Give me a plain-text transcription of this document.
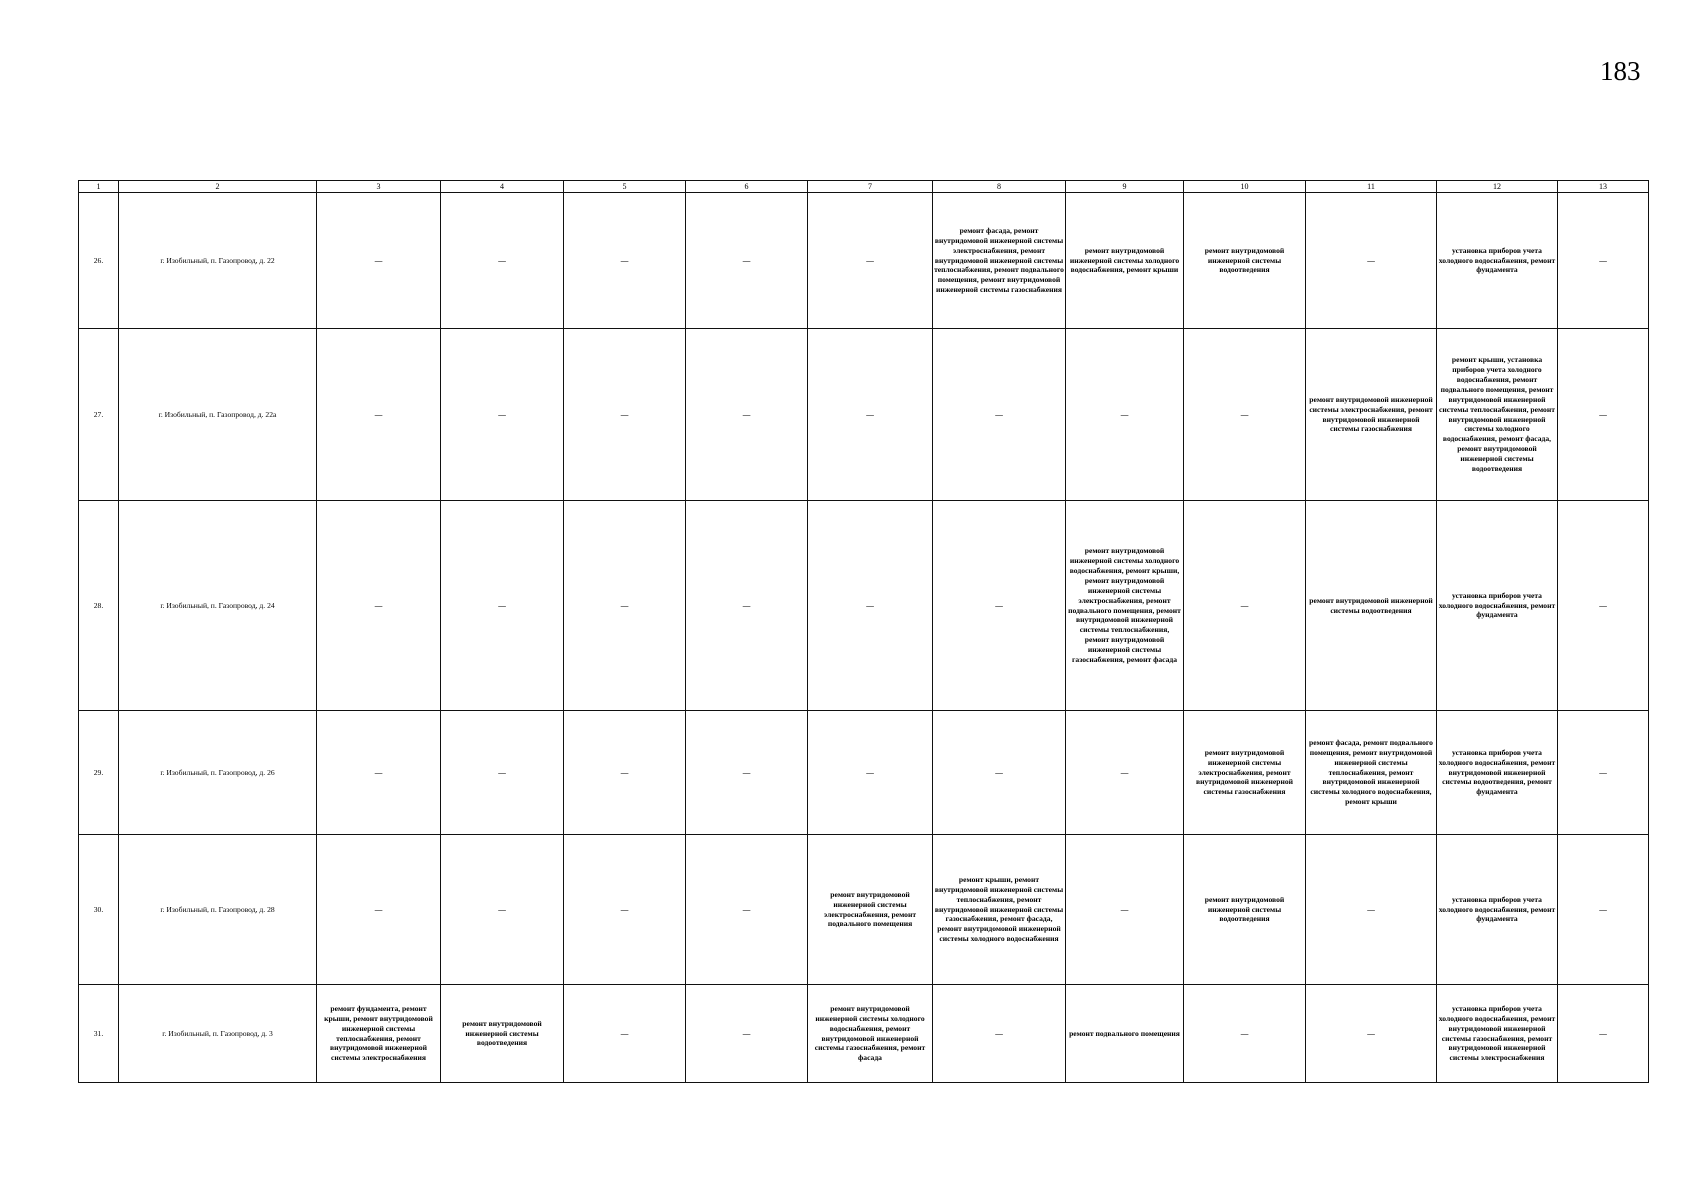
183
1	2	3	4	5	6	7	8	9	10	11	12	13
26.	г. Изобильный, п. Газопровод, д. 22	—	—	—	—	—	ремонт фасада, ремонт внутридомовой инженерной системы электроснабжения, ремонт внутридомовой инженерной системы теплоснабжения, ремонт подвального помещения, ремонт внутридомовой инженерной системы газоснабжения	ремонт внутридомовой инженерной системы холодного водоснабжения, ремонт крыши	ремонт внутридомовой инженерной системы водоотведения	—	установка приборов учета холодного водоснабжения, ремонт фундамента	—
27.	г. Изобильный, п. Газопровод, д. 22а	—	—	—	—	—	—	—	—	ремонт внутридомовой инженерной системы электроснабжения, ремонт внутридомовой инженерной системы газоснабжения	ремонт крыши, установка приборов учета холодного водоснабжения, ремонт подвального помещения, ремонт внутридомовой инженерной системы теплоснабжения, ремонт внутридомовой инженерной системы холодного водоснабжения, ремонт фасада, ремонт внутридомовой инженерной системы водоотведения	—
28.	г. Изобильный, п. Газопровод, д. 24	—	—	—	—	—	—	ремонт внутридомовой инженерной системы холодного водоснабжения, ремонт крыши, ремонт внутридомовой инженерной системы электроснабжения, ремонт подвального помещения, ремонт внутридомовой инженерной системы теплоснабжения, ремонт внутридомовой инженерной системы газоснабжения, ремонт фасада	—	ремонт внутридомовой инженерной системы водоотведения	установка приборов учета холодного водоснабжения, ремонт фундамента	—
29.	г. Изобильный, п. Газопровод, д. 26	—	—	—	—	—	—	—	ремонт внутридомовой инженерной системы электроснабжения, ремонт внутридомовой инженерной системы газоснабжения	ремонт фасада, ремонт подвального помещения, ремонт внутридомовой инженерной системы теплоснабжения, ремонт внутридомовой инженерной системы холодного водоснабжения, ремонт крыши	установка приборов учета холодного водоснабжения, ремонт внутридомовой инженерной системы водоотведения, ремонт фундамента	—
30.	г. Изобильный, п. Газопровод, д. 28	—	—	—	—	ремонт внутридомовой инженерной системы электроснабжения, ремонт подвального помещения	ремонт крыши, ремонт внутридомовой инженерной системы теплоснабжения, ремонт внутридомовой инженерной системы газоснабжения, ремонт фасада, ремонт внутридомовой инженерной системы холодного водоснабжения	—	ремонт внутридомовой инженерной системы водоотведения	—	установка приборов учета холодного водоснабжения, ремонт фундамента	—
31.	г. Изобильный, п. Газопровод, д. 3	ремонт фундамента, ремонт крыши, ремонт внутридомовой инженерной системы теплоснабжения, ремонт внутридомовой инженерной системы электроснабжения	ремонт внутридомовой инженерной системы водоотведения	—	—	ремонт внутридомовой инженерной системы холодного водоснабжения, ремонт внутридомовой инженерной системы газоснабжения, ремонт фасада	—	ремонт подвального помещения	—	—	установка приборов учета холодного водоснабжения, ремонт внутридомовой инженерной системы газоснабжения, ремонт внутридомовой инженерной системы электроснабжения	—
